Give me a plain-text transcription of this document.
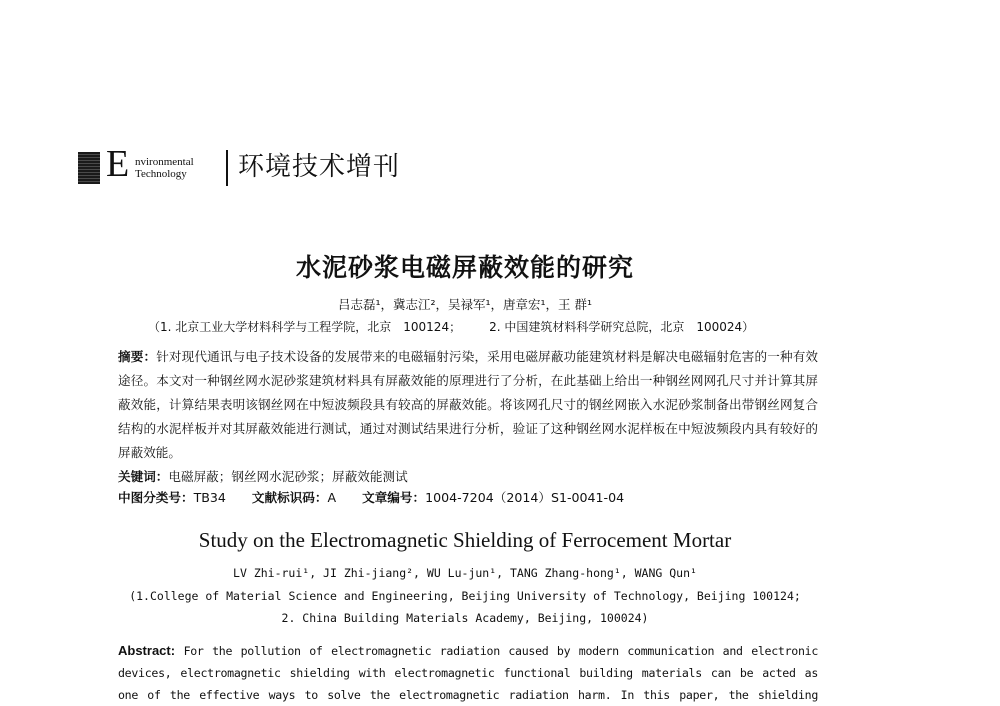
E nvironmental
Technology 环境技术增刊
水泥砂浆电磁屏蔽效能的研究
吕志磊¹，冀志江²，吴禄军¹，唐章宏¹，王 群¹
（1. 北京工业大学材料科学与工程学院，北京　100124； 2. 中国建筑材料科学研究总院，北京　100024）
摘要：针对现代通讯与电子技术设备的发展带来的电磁辐射污染，采用电磁屏蔽功能建筑材料是解决电磁辐射危害的一种有效途径。本文对一种钢丝网水泥砂浆建筑材料具有屏蔽效能的原理进行了分析，在此基础上给出一种钢丝网网孔尺寸并计算其屏蔽效能，计算结果表明该钢丝网在中短波频段具有较高的屏蔽效能。将该网孔尺寸的钢丝网嵌入水泥砂浆制备出带钢丝网复合结构的水泥样板并对其屏蔽效能进行测试，通过对测试结果进行分析，验证了这种钢丝网水泥样板在中短波频段内具有较好的屏蔽效能。
关键词：电磁屏蔽；钢丝网水泥砂浆；屏蔽效能测试
中图分类号：TB34 文献标识码：A 文章编号：1004-7204（2014）S1-0041-04
Study on the Electromagnetic Shielding of Ferrocement Mortar
LV Zhi-rui¹, JI Zhi-jiang², WU Lu-jun¹, TANG Zhang-hong¹, WANG Qun¹
(1.College of Material Science and Engineering, Beijing University of Technology, Beijing 100124;
2. China Building Materials Academy, Beijing, 100024)
Abstract: For the pollution of electromagnetic radiation caused by modern communication and electronic devices, electromagnetic shielding with electromagnetic functional building materials can be acted as one of the effective ways to solve the electromagnetic radiation harm. In this paper, the shielding
